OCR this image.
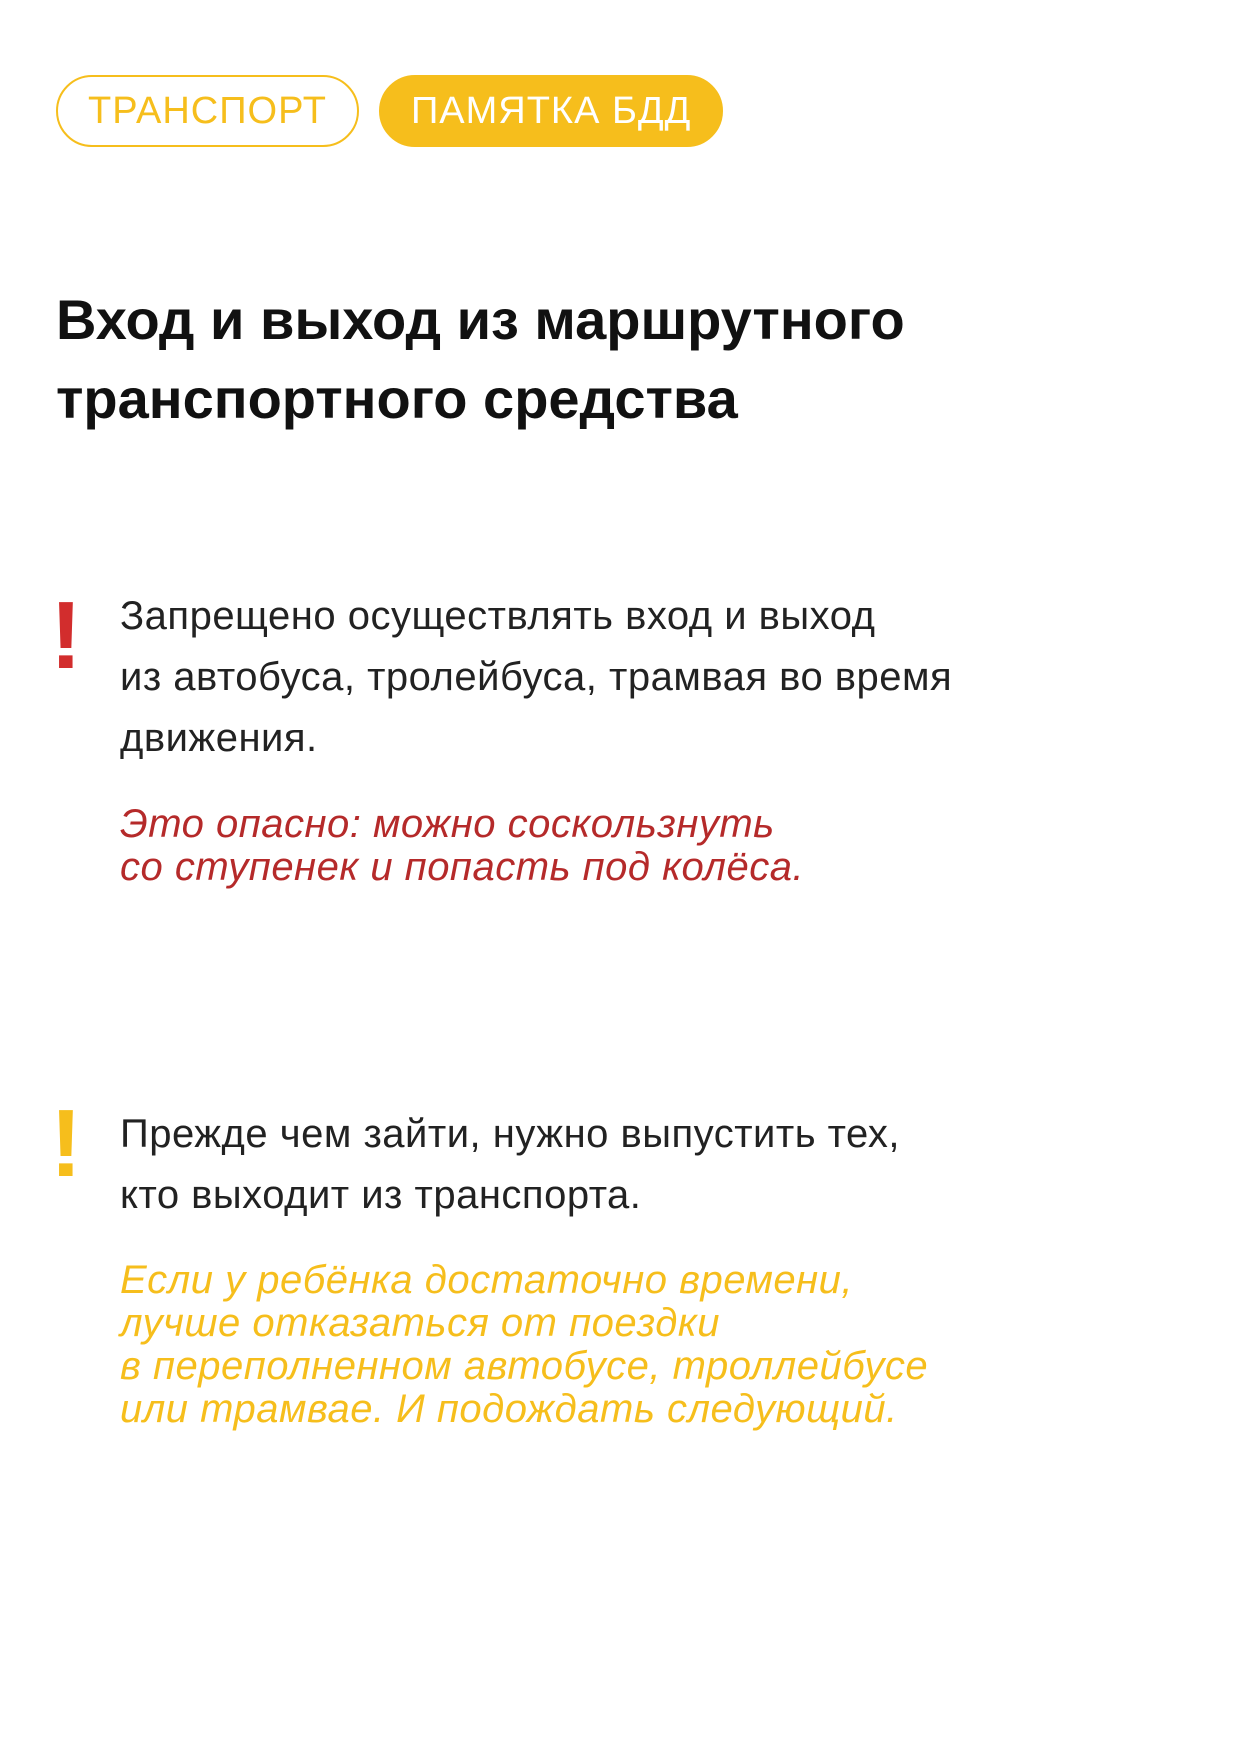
ТРАНСПОРТ	ПАМЯТКА БДД
Вход и выход из маршрутного
транспортного средства
! Запрещено осуществлять вход и выход
из автобуса, тролейбуса, трамвая во время
движения.

Это опасно: можно соскользнуть
со ступенек и попасть под колёса.

! Прежде чем зайти, нужно выпустить тех,
кто выходит из транспорта.

Если у ребёнка достаточно времени,
лучше отказаться от поездки
в переполненном автобусе, троллейбусе
или трамвае. И подождать следующий.
